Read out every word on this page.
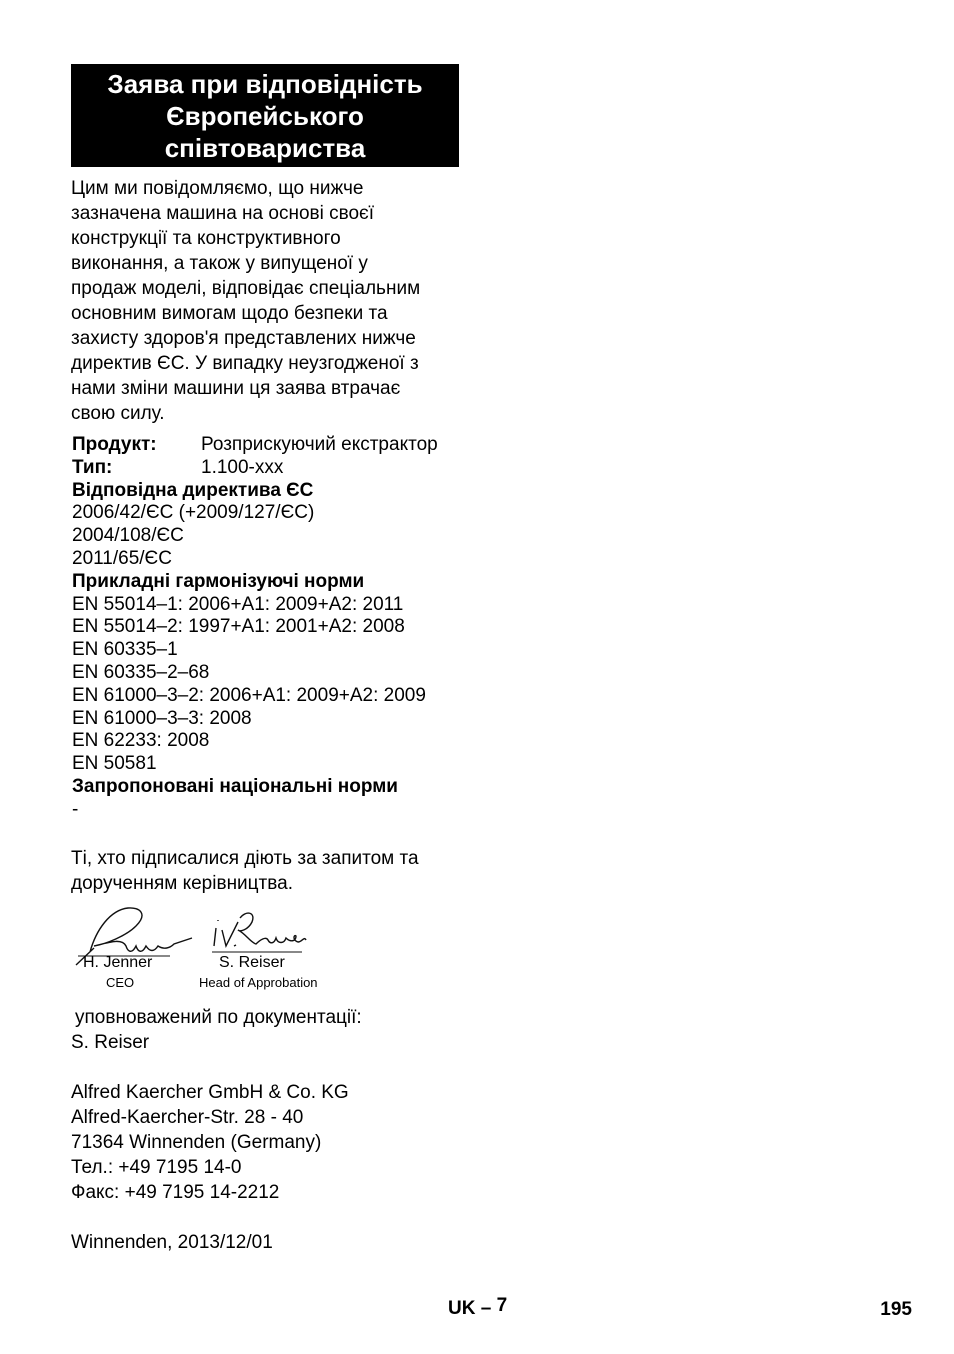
Заява при відповідність
Європейського
співтовариства
Цим ми повідомляємо, що нижче
зазначена машина на основі своєї
конструкції та конструктивного
виконання, а також у випущеної у
продаж моделі, відповідає спеціальним
основним вимогам щодо безпеки та
захисту здоров'я представлених нижче
директив ЄС. У випадку неузгодженої з
нами зміни машини ця заява втрачає
свою силу.
Продукт:	Розприскуючий екстрактор
Тип:	1.100-xxx
Відповідна директива ЄС
2006/42/ЄС (+2009/127/ЄС)
2004/108/ЄС
2011/65/ЄС
Прикладні гармонізуючі норми
EN 55014–1: 2006+A1: 2009+A2: 2011
EN 55014–2: 1997+A1: 2001+A2: 2008
EN 60335–1
EN 60335–2–68
EN 61000–3–2: 2006+A1: 2009+A2: 2009
EN 61000–3–3: 2008
EN 62233: 2008
EN 50581
Запропоновані національні норми
-
Ті, хто підписалися діють за запитом та
дорученням керівництва.
H. Jenner
CEO
S. Reiser
Head of Approbation
уповноважений по документації:
S. Reiser
Alfred Kaercher GmbH & Co. KG
Alfred-Kaercher-Str. 28 - 40
71364 Winnenden (Germany)
Тел.: +49 7195 14-0
Факс: +49 7195 14-2212
Winnenden, 2013/12/01
UK – 7	195
